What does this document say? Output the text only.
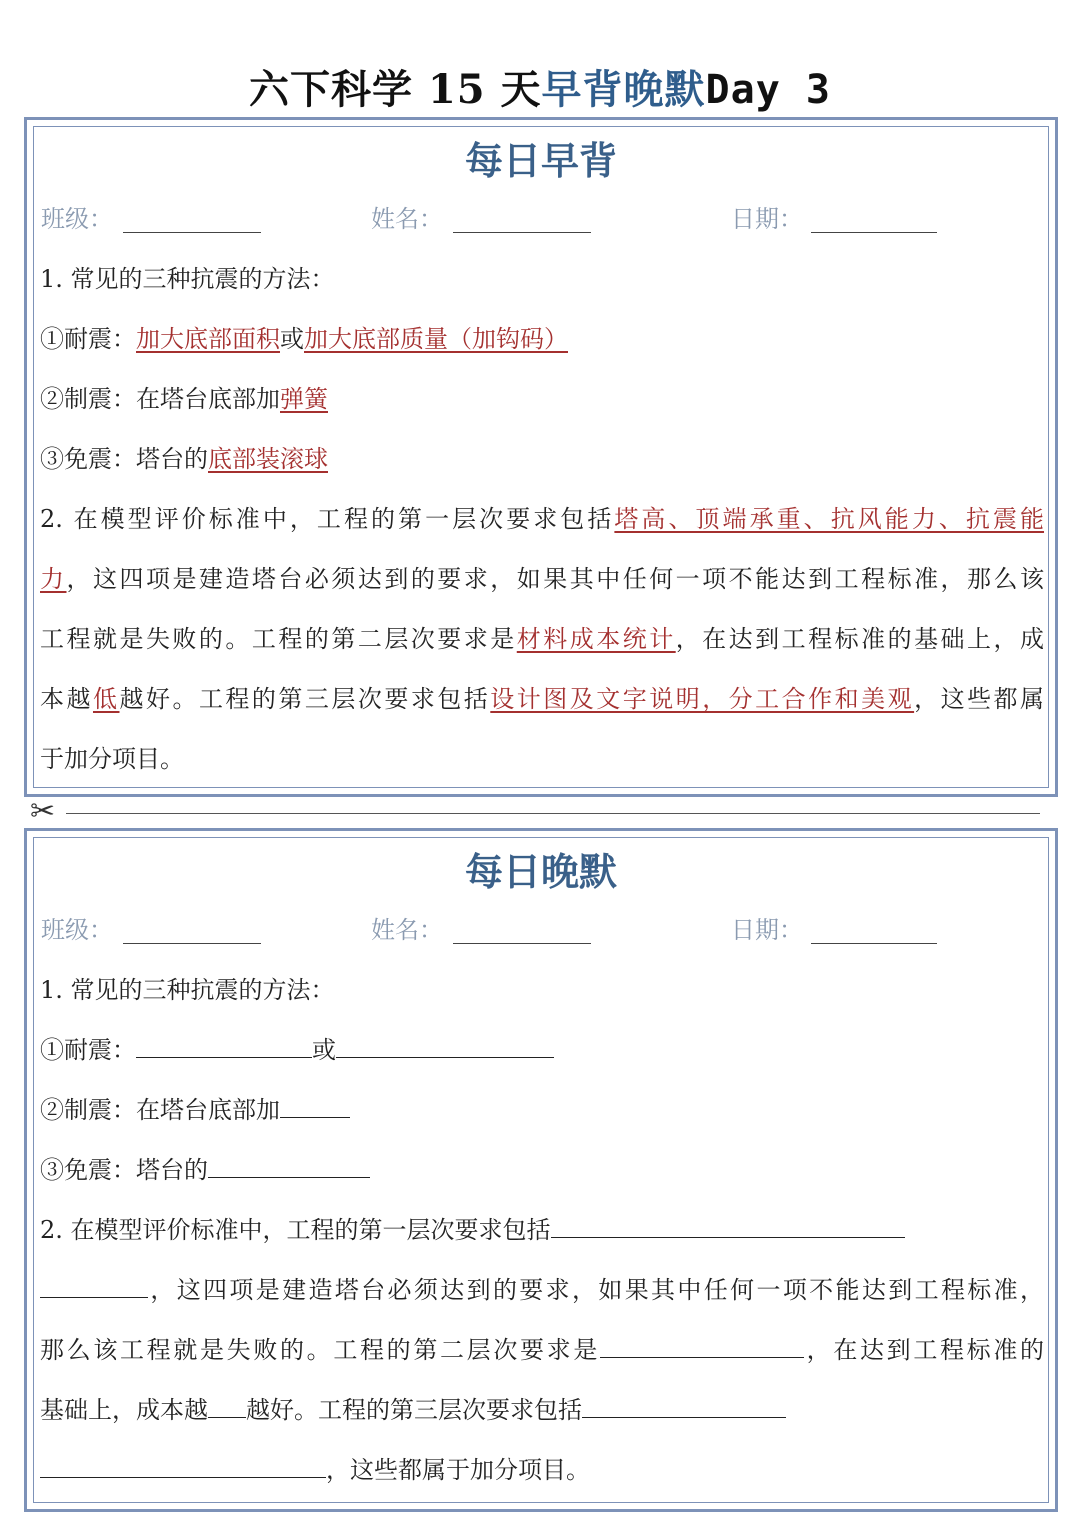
六下科学 15 天早背晚默Day 3
每日早背
班级：	姓名：	日期：
1. 常见的三种抗震的方法：
①耐震：加大底部面积或加大底部质量（加钩码）
②制震：在塔台底部加弹簧
③免震：塔台的底部装滚球
2. 在模型评价标准中，工程的第一层次要求包括塔高、顶端承重、抗风能力、抗震能
力，这四项是建造塔台必须达到的要求，如果其中任何一项不能达到工程标准，那么该
工程就是失败的。工程的第二层次要求是材料成本统计，在达到工程标准的基础上，成
本越低越好。工程的第三层次要求包括设计图及文字说明，分工合作和美观，这些都属
于加分项目。
✂
每日晚默
班级：	姓名：	日期：
1. 常见的三种抗震的方法：
①耐震：	或
②制震：在塔台底部加
③免震：塔台的
2. 在模型评价标准中，工程的第一层次要求包括
，这四项是建造塔台必须达到的要求，如果其中任何一项不能达到工程标准，
那么该工程就是失败的。工程的第二层次要求是	，在达到工程标准的
基础上，成本越 越好。工程的第三层次要求包括
，这些都属于加分项目。
